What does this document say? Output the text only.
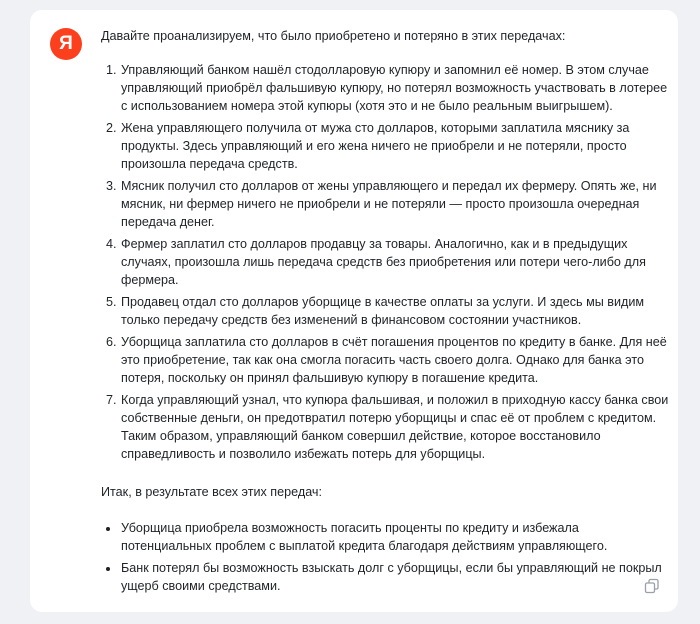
Я	Давайте проанализируем, что было приобретено и потеряно в этих передачах:

1. Управляющий банком нашёл стодолларовую купюру и запомнил её номер. В этом случае управляющий приобрёл фальшивую купюру, но потерял возможность участвовать в лотерее с использованием номера этой купюры (хотя это и не было реальным выигрышем).
2. Жена управляющего получила от мужа сто долларов, которыми заплатила мяснику за продукты. Здесь управляющий и его жена ничего не приобрели и не потеряли, просто произошла передача средств.
3. Мясник получил сто долларов от жены управляющего и передал их фермеру. Опять же, ни мясник, ни фермер ничего не приобрели и не потеряли — просто произошла очередная передача денег.
4. Фермер заплатил сто долларов продавцу за товары. Аналогично, как и в предыдущих случаях, произошла лишь передача средств без приобретения или потери чего-либо для фермера.
5. Продавец отдал сто долларов уборщице в качестве оплаты за услуги. И здесь мы видим только передачу средств без изменений в финансовом состоянии участников.
6. Уборщица заплатила сто долларов в счёт погашения процентов по кредиту в банке. Для неё это приобретение, так как она смогла погасить часть своего долга. Однако для банка это потеря, поскольку он принял фальшивую купюру в погашение кредита.
7. Когда управляющий узнал, что купюра фальшивая, и положил в приходную кассу банка свои собственные деньги, он предотвратил потерю уборщицы и спас её от проблем с кредитом. Таким образом, управляющий банком совершил действие, которое восстановило справедливость и позволило избежать потерь для уборщицы.

Итак, в результате всех этих передач:

• Уборщица приобрела возможность погасить проценты по кредиту и избежала потенциальных проблем с выплатой кредита благодаря действиям управляющего.
• Банк потерял бы возможность взыскать долг с уборщицы, если бы управляющий не покрыл ущерб своими средствами.
